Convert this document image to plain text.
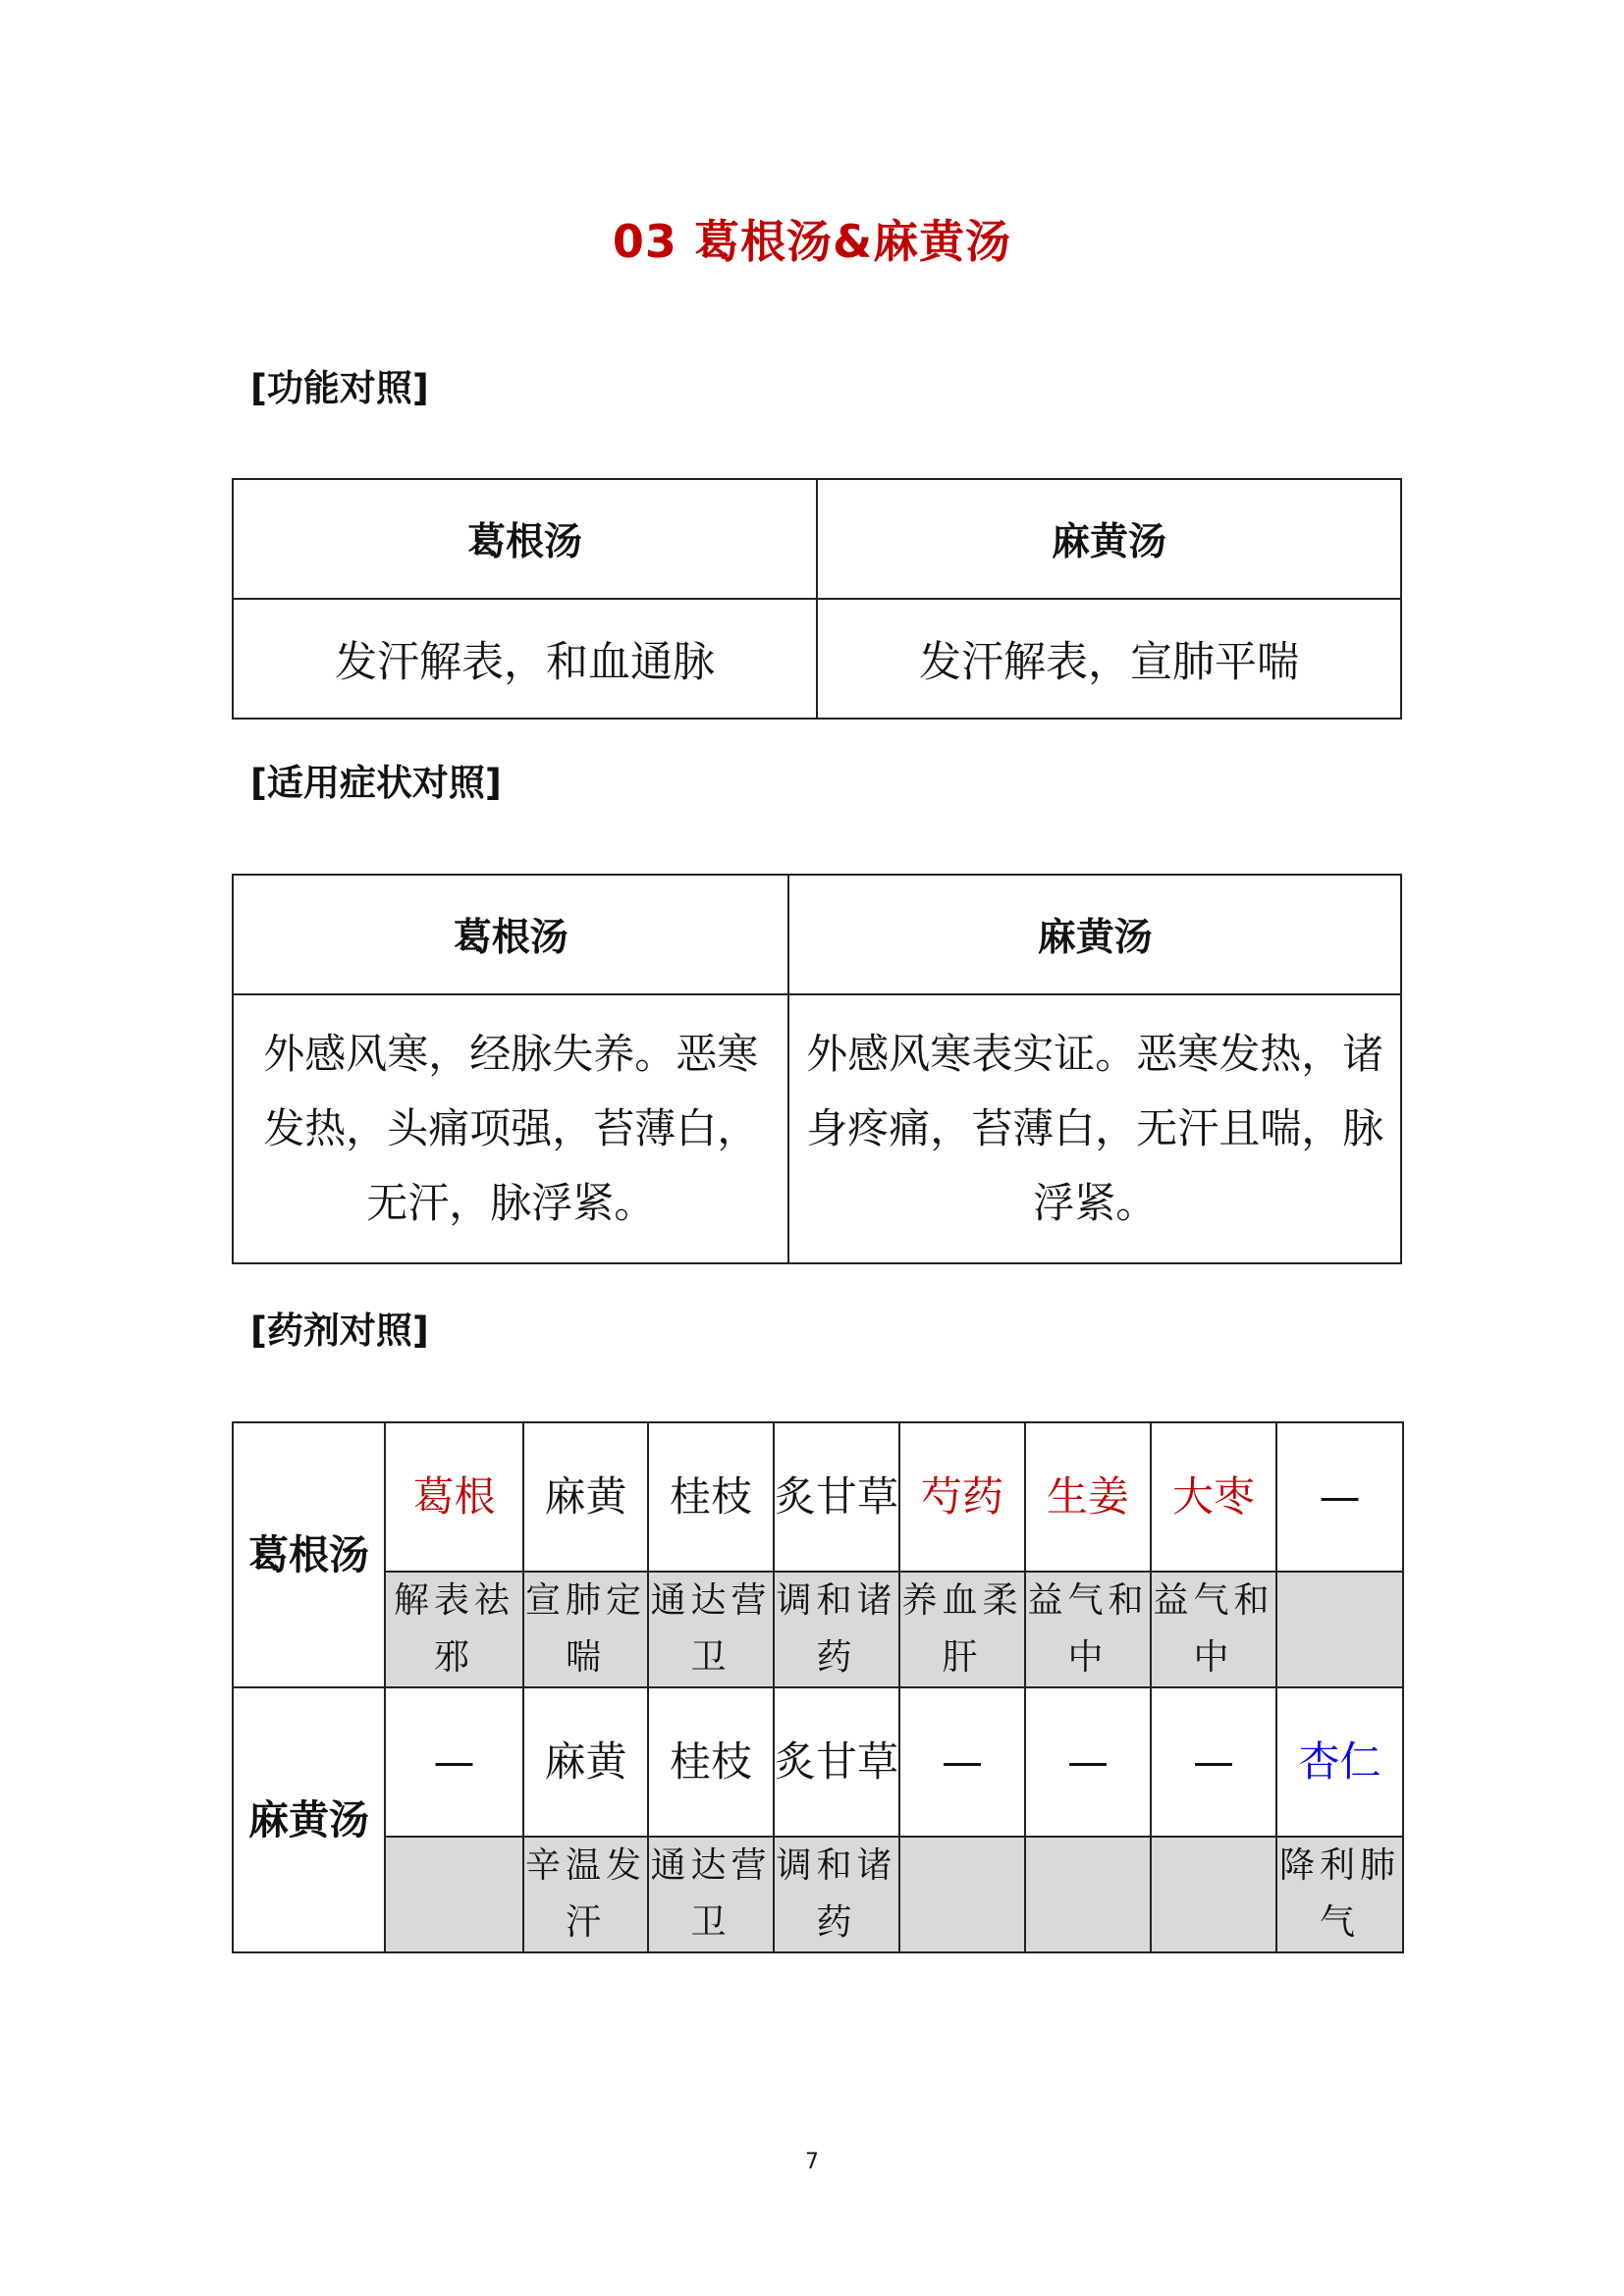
03 葛根汤&麻黄汤
[功能对照]
葛根汤	麻黄汤
发汗解表，和血通脉	发汗解表，宣肺平喘
[适用症状对照]
葛根汤	麻黄汤
外感风寒，经脉失养。恶寒发热，头痛项强，苔薄白，无汗，脉浮紧。	外感风寒表实证。恶寒发热，诸身疼痛，苔薄白，无汗且喘，脉浮紧。
[药剂对照]
葛根汤	葛根	麻黄	桂枝	炙甘草	芍药	生姜	大枣	—
	解表祛邪	宣肺定喘	通达营卫	调和诸药	养血柔肝	益气和中	益气和中	
麻黄汤	—	麻黄	桂枝	炙甘草	—	—	—	杏仁
		辛温发汗	通达营卫	调和诸药				降利肺气
7
